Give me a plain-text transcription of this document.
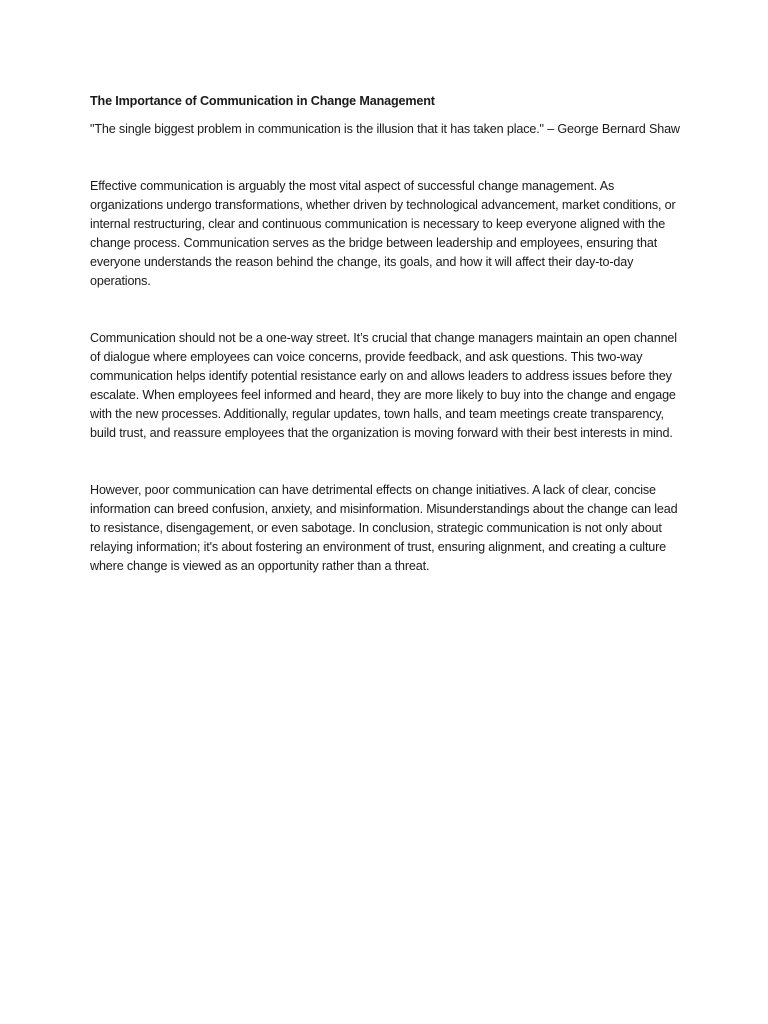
The Importance of Communication in Change Management

"The single biggest problem in communication is the illusion that it has taken place." – George Bernard Shaw

Effective communication is arguably the most vital aspect of successful change management. As organizations undergo transformations, whether driven by technological advancement, market conditions, or internal restructuring, clear and continuous communication is necessary to keep everyone aligned with the change process. Communication serves as the bridge between leadership and employees, ensuring that everyone understands the reason behind the change, its goals, and how it will affect their day-to-day operations.

Communication should not be a one-way street. It’s crucial that change managers maintain an open channel of dialogue where employees can voice concerns, provide feedback, and ask questions. This two-way communication helps identify potential resistance early on and allows leaders to address issues before they escalate. When employees feel informed and heard, they are more likely to buy into the change and engage with the new processes. Additionally, regular updates, town halls, and team meetings create transparency, build trust, and reassure employees that the organization is moving forward with their best interests in mind.

However, poor communication can have detrimental effects on change initiatives. A lack of clear, concise information can breed confusion, anxiety, and misinformation. Misunderstandings about the change can lead to resistance, disengagement, or even sabotage. In conclusion, strategic communication is not only about relaying information; it's about fostering an environment of trust, ensuring alignment, and creating a culture where change is viewed as an opportunity rather than a threat.
